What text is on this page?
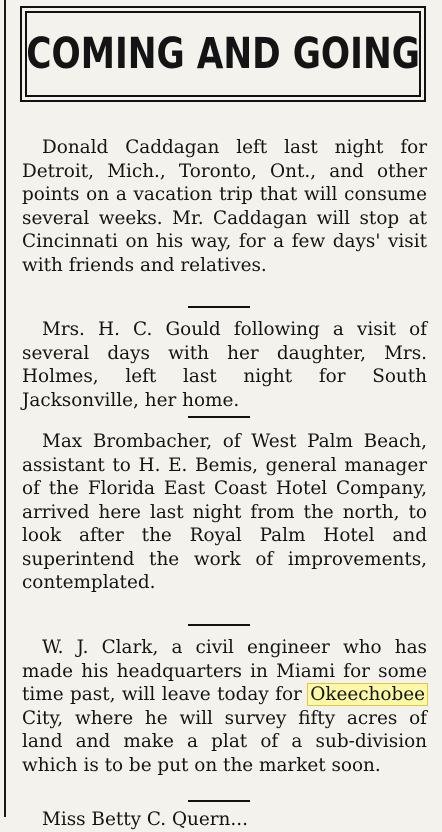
COMING AND GOING

Donald Caddagan left last night for Detroit, Mich., Toronto, Ont., and other points on a vacation trip that will consume several weeks. Mr. Caddagan will stop at Cincinnati on his way, for a few days' visit with friends and relatives.

Mrs. H. C. Gould following a visit of several days with her daughter, Mrs. Holmes, left last night for South Jacksonville, her home.

Max Brombacher, of West Palm Beach, assistant to H. E. Bemis, general manager of the Florida East Coast Hotel Company, arrived here last night from the north, to look after the Royal Palm Hotel and superintend the work of improvements, contemplated.

W. J. Clark, a civil engineer who has made his headquarters in Miami for some time past, will leave today for Okeechobee City, where he will survey fifty acres of land and make a plat of a sub-division which is to be put on the market soon.

Miss Betty C. Quern...
